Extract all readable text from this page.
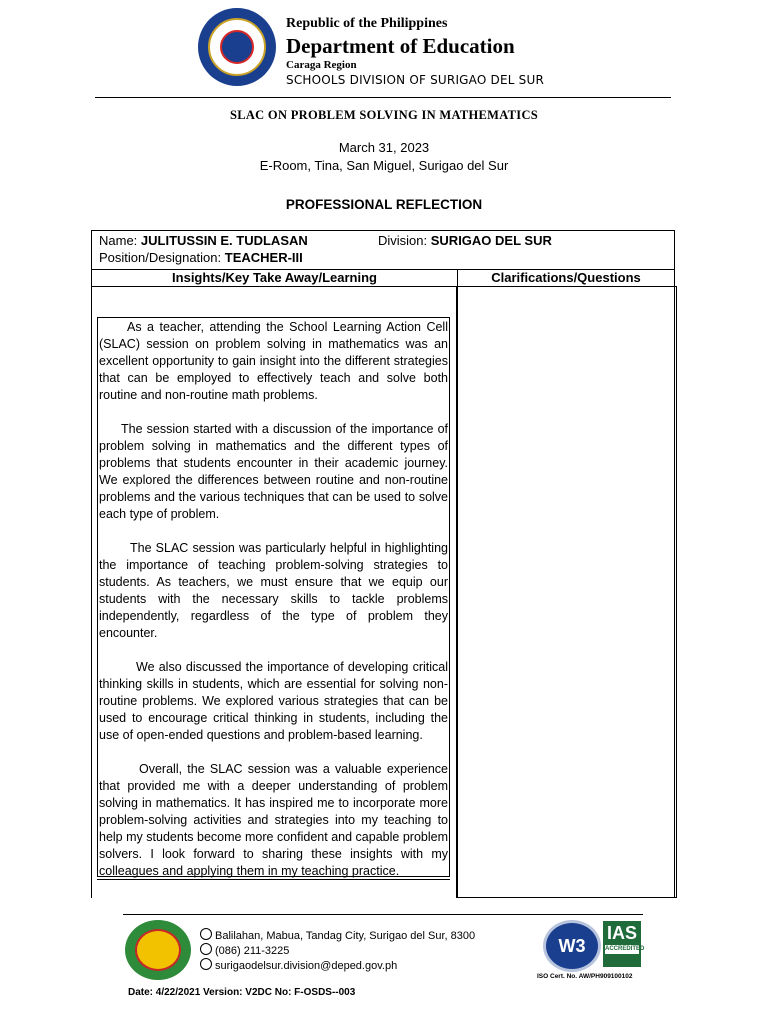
Republic of the Philippines
Department of Education
Caraga Region
SCHOOLS DIVISION OF SURIGAO DEL SUR
SLAC ON PROBLEM SOLVING IN MATHEMATICS
March 31, 2023
E-Room, Tina, San Miguel, Surigao del Sur
PROFESSIONAL REFLECTION
Name: JULITUSSIN E. TUDLASAN	Division: SURIGAO DEL SUR
Position/Designation: TEACHER-III
Insights/Key Take Away/Learning	Clarifications/Questions

As a teacher, attending the School Learning Action Cell (SLAC) session on problem solving in mathematics was an excellent opportunity to gain insight into the different strategies that can be employed to effectively teach and solve both routine and non-routine math problems.

The session started with a discussion of the importance of problem solving in mathematics and the different types of problems that students encounter in their academic journey. We explored the differences between routine and non-routine problems and the various techniques that can be used to solve each type of problem.

The SLAC session was particularly helpful in highlighting the importance of teaching problem-solving strategies to students. As teachers, we must ensure that we equip our students with the necessary skills to tackle problems independently, regardless of the type of problem they encounter.

We also discussed the importance of developing critical thinking skills in students, which are essential for solving non-routine problems. We explored various strategies that can be used to encourage critical thinking in students, including the use of open-ended questions and problem-based learning.

Overall, the SLAC session was a valuable experience that provided me with a deeper understanding of problem solving in mathematics. It has inspired me to incorporate more problem-solving activities and strategies into my teaching to help my students become more confident and capable problem solvers. I look forward to sharing these insights with my colleagues and applying them in my teaching practice.

Balilahan, Mabua, Tandag City, Surigao del Sur, 8300
(086) 211-3225
surigaodelsur.division@deped.gov.ph
W3
IAS
ACCREDITED
ISO Cert. No. AW/PH909100102
Date: 4/22/2021 Version: V2DC No: F-OSDS--003
